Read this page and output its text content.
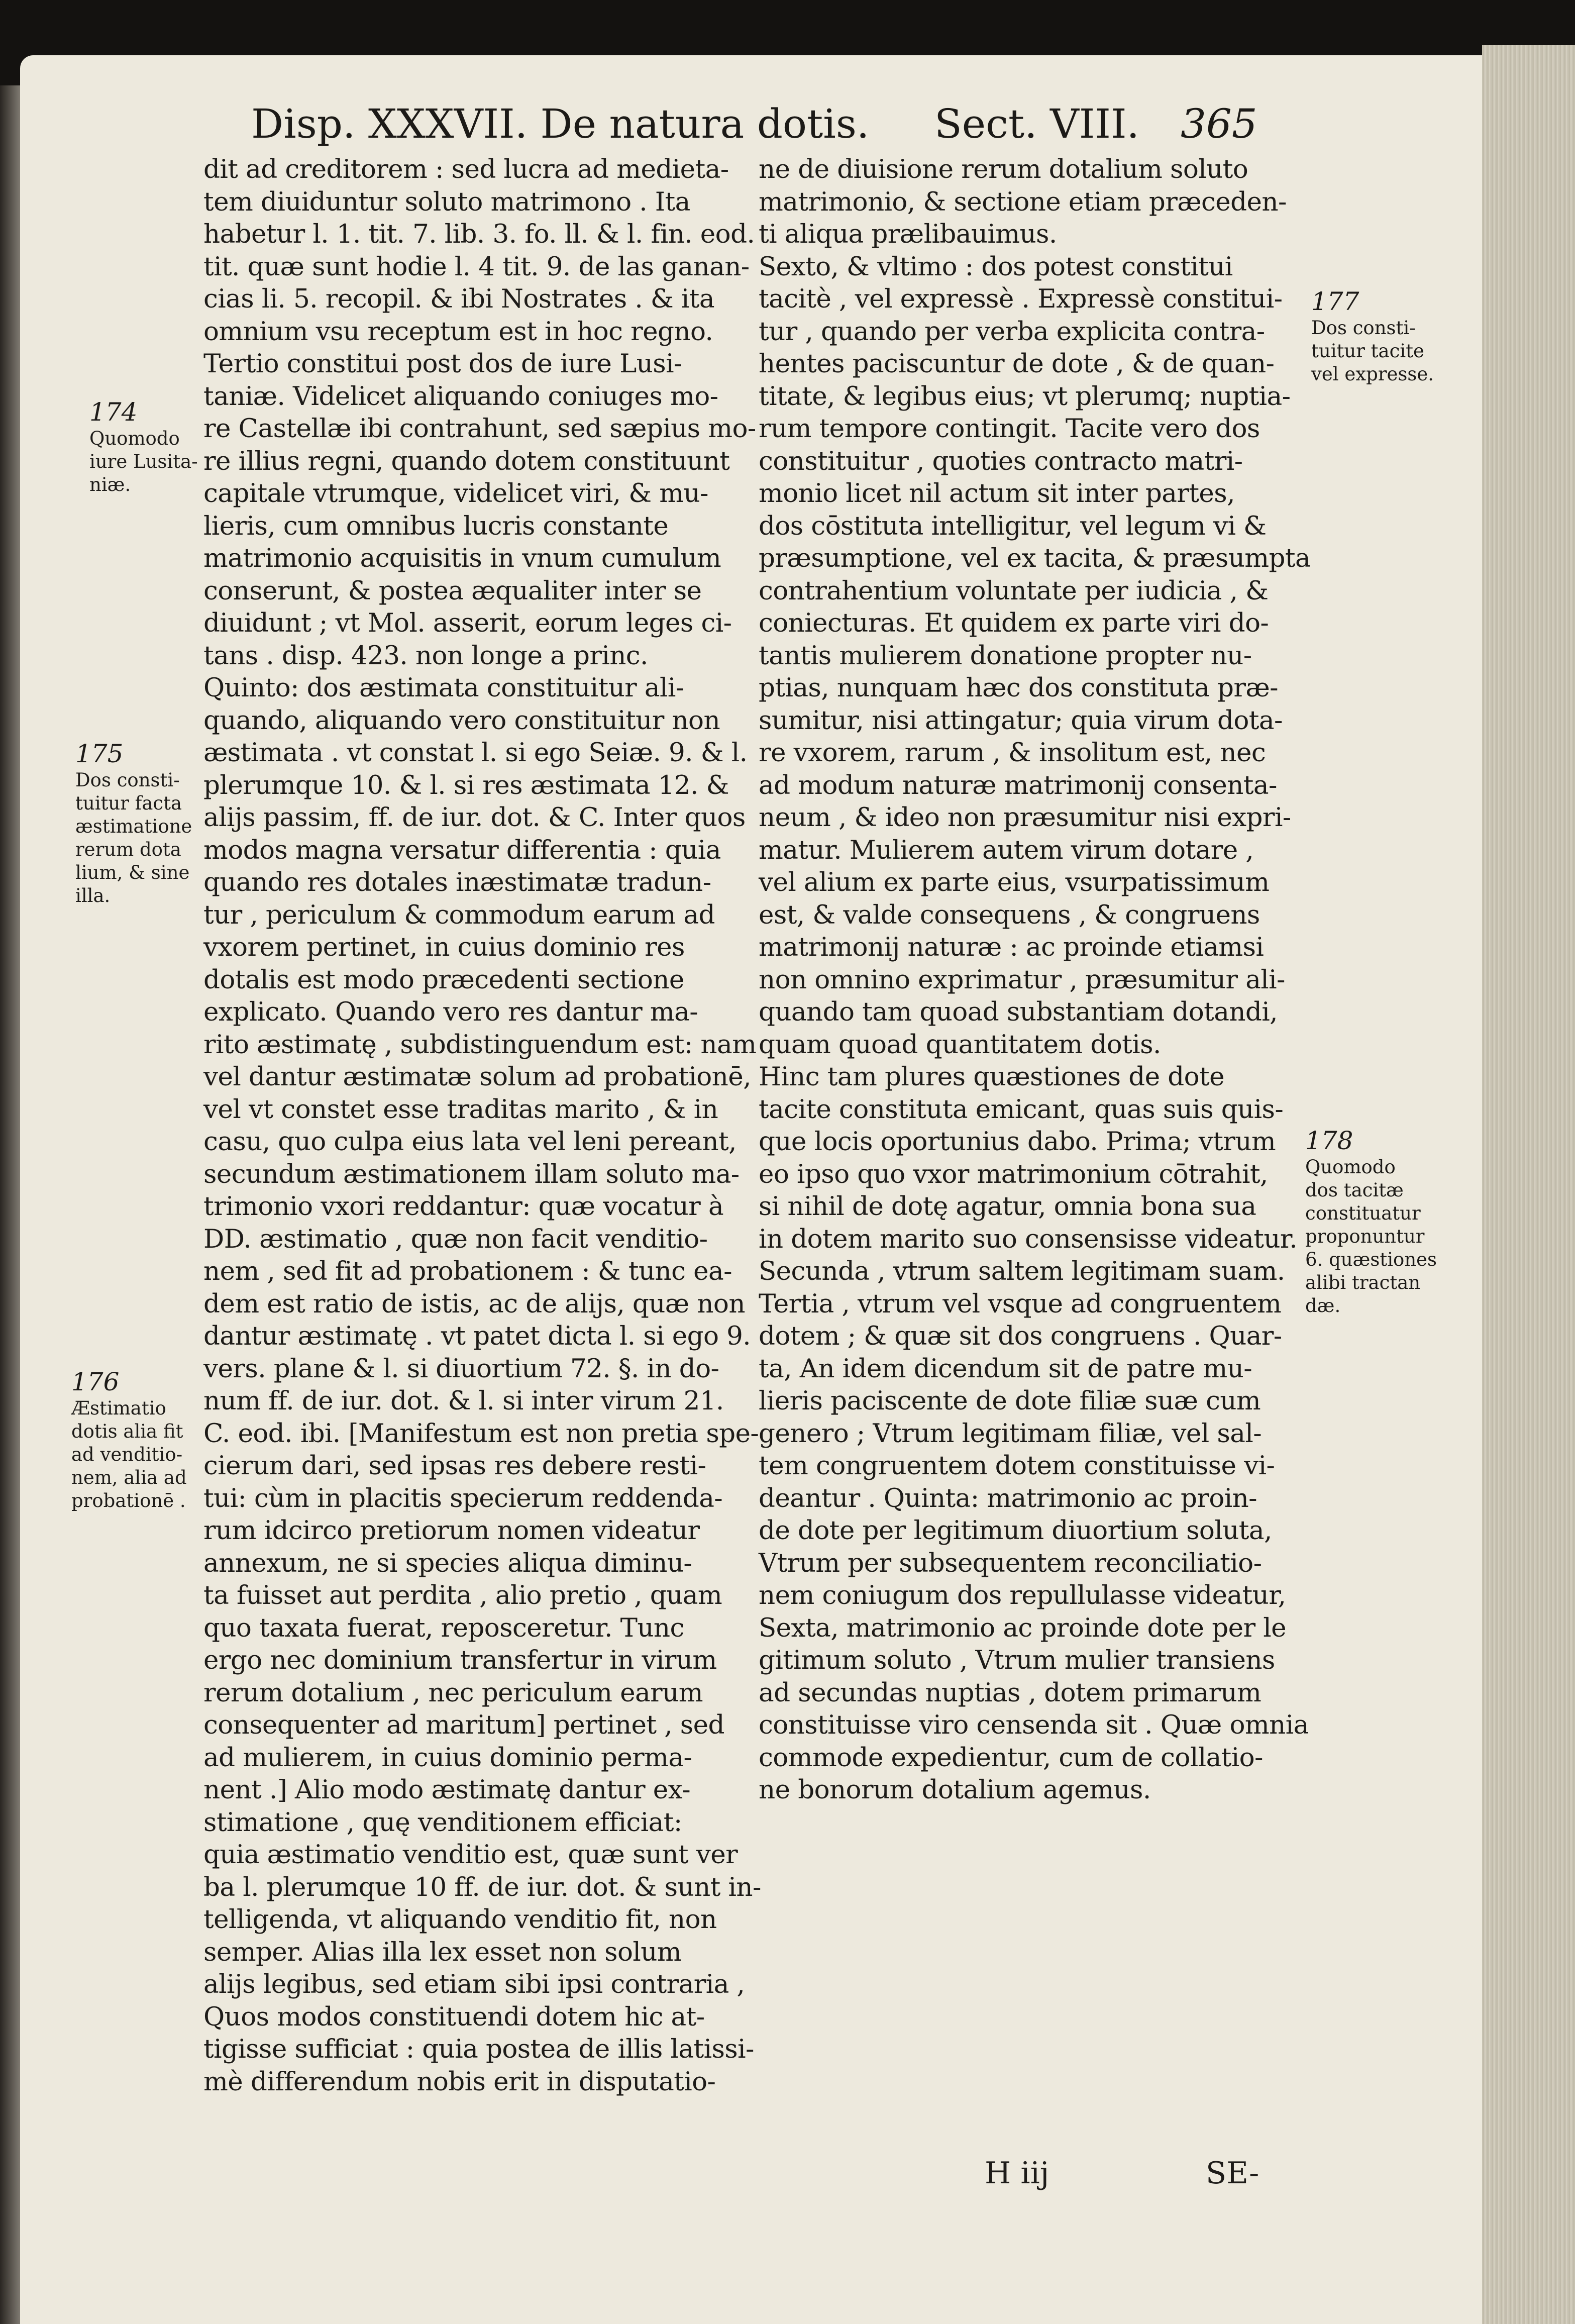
Disp. XXXVII. De natura dotis. Sect. VIII. 365
dit ad creditorem : sed lucra ad medieta-
tem diuiduntur soluto matrimono . Ita
habetur l. 1. tit. 7. lib. 3. fo. ll. & l. fin. eod.
tit. quæ sunt hodie l. 4 tit. 9. de las ganan-
cias li. 5. recopil. & ibi Nostrates . & ita
omnium vsu receptum est in hoc regno.
Tertio constitui post dos de iure Lusi-
taniæ. Videlicet aliquando coniuges mo-
re Castellæ ibi contrahunt, sed sæpius mo-
re illius regni, quando dotem constituunt
capitale vtrumque, videlicet viri, & mu-
lieris, cum omnibus lucris constante
matrimonio acquisitis in vnum cumulum
conserunt, & postea æqualiter inter se
diuidunt ; vt Mol. asserit, eorum leges ci-
tans . disp. 423. non longe a princ.
Quinto: dos æstimata constituitur ali-
quando, aliquando vero constituitur non
æstimata . vt constat l. si ego Seiæ. 9. & l.
plerumque 10. & l. si res æstimata 12. &
alijs passim, ff. de iur. dot. & C. Inter quos
modos magna versatur differentia : quia
quando res dotales inæstimatæ tradun-
tur , periculum & commodum earum ad
vxorem pertinet, in cuius dominio res
dotalis est modo præcedenti sectione
explicato. Quando vero res dantur ma-
rito æstimatę , subdistinguendum est: nam
vel dantur æstimatæ solum ad probationē,
vel vt constet esse traditas marito , & in
casu, quo culpa eius lata vel leni pereant,
secundum æstimationem illam soluto ma-
trimonio vxori reddantur: quæ vocatur à
DD. æstimatio , quæ non facit venditio-
nem , sed fit ad probationem : & tunc ea-
dem est ratio de istis, ac de alijs, quæ non
dantur æstimatę . vt patet dicta l. si ego 9.
vers. plane & l. si diuortium 72. §. in do-
num ff. de iur. dot. & l. si inter virum 21.
C. eod. ibi. [Manifestum est non pretia spe-
cierum dari, sed ipsas res debere resti-
tui: cùm in placitis specierum reddenda-
rum idcirco pretiorum nomen videatur
annexum, ne si species aliqua diminu-
ta fuisset aut perdita , alio pretio , quam
quo taxata fuerat, reposceretur. Tunc
ergo nec dominium transfertur in virum
rerum dotalium , nec periculum earum
consequenter ad maritum] pertinet , sed
ad mulierem, in cuius dominio perma-
nent .] Alio modo æstimatę dantur ex-
stimatione , quę venditionem efficiat:
quia æstimatio venditio est, quæ sunt ver
ba l. plerumque 10 ff. de iur. dot. & sunt in-
telligenda, vt aliquando venditio fit, non
semper. Alias illa lex esset non solum
alijs legibus, sed etiam sibi ipsi contraria ,
Quos modos constituendi dotem hic at-
tigisse sufficiat : quia postea de illis latissi-
mè differendum nobis erit in disputatio-
ne de diuisione rerum dotalium soluto
matrimonio, & sectione etiam præceden-
ti aliqua prælibauimus.
Sexto, & vltimo : dos potest constitui
tacitè , vel expressè . Expressè constitui-
tur , quando per verba explicita contra-
hentes paciscuntur de dote , & de quan-
titate, & legibus eius; vt plerumq; nuptia-
rum tempore contingit. Tacite vero dos
constituitur , quoties contracto matri-
monio licet nil actum sit inter partes,
dos cōstituta intelligitur, vel legum vi &
præsumptione, vel ex tacita, & præsumpta
contrahentium voluntate per iudicia , &
coniecturas. Et quidem ex parte viri do-
tantis mulierem donatione propter nu-
ptias, nunquam hæc dos constituta præ-
sumitur, nisi attingatur; quia virum dota-
re vxorem, rarum , & insolitum est, nec
ad modum naturæ matrimonij consenta-
neum , & ideo non præsumitur nisi expri-
matur. Mulierem autem virum dotare ,
vel alium ex parte eius, vsurpatissimum
est, & valde consequens , & congruens
matrimonij naturæ : ac proinde etiamsi
non omnino exprimatur , præsumitur ali-
quando tam quoad substantiam dotandi,
quam quoad quantitatem dotis.
Hinc tam plures quæstiones de dote
tacite constituta emicant, quas suis quis-
que locis oportunius dabo. Prima; vtrum
eo ipso quo vxor matrimonium cōtrahit,
si nihil de dotę agatur, omnia bona sua
in dotem marito suo consensisse videatur.
Secunda , vtrum saltem legitimam suam.
Tertia , vtrum vel vsque ad congruentem
dotem ; & quæ sit dos congruens . Quar-
ta, An idem dicendum sit de patre mu-
lieris paciscente de dote filiæ suæ cum
genero ; Vtrum legitimam filiæ, vel sal-
tem congruentem dotem constituisse vi-
deantur . Quinta: matrimonio ac proin-
de dote per legitimum diuortium soluta,
Vtrum per subsequentem reconciliatio-
nem coniugum dos repullulasse videatur,
Sexta, matrimonio ac proinde dote per le
gitimum soluto , Vtrum mulier transiens
ad secundas nuptias , dotem primarum
constituisse viro censenda sit . Quæ omnia
commode expedientur, cum de collatio-
ne bonorum dotalium agemus.
174
Quomodo
iure Lusita-
niæ.
175
Dos consti-
tuitur facta
æstimatione
rerum dota
lium, & sine
illa.
176
Æstimatio
dotis alia fit
ad venditio-
nem, alia ad
probationē .
177
Dos consti-
tuitur tacite
vel expresse.
178
Quomodo
dos tacitæ
constituatur
proponuntur
6. quæstiones
alibi tractan
dæ.
H iij	SE-
